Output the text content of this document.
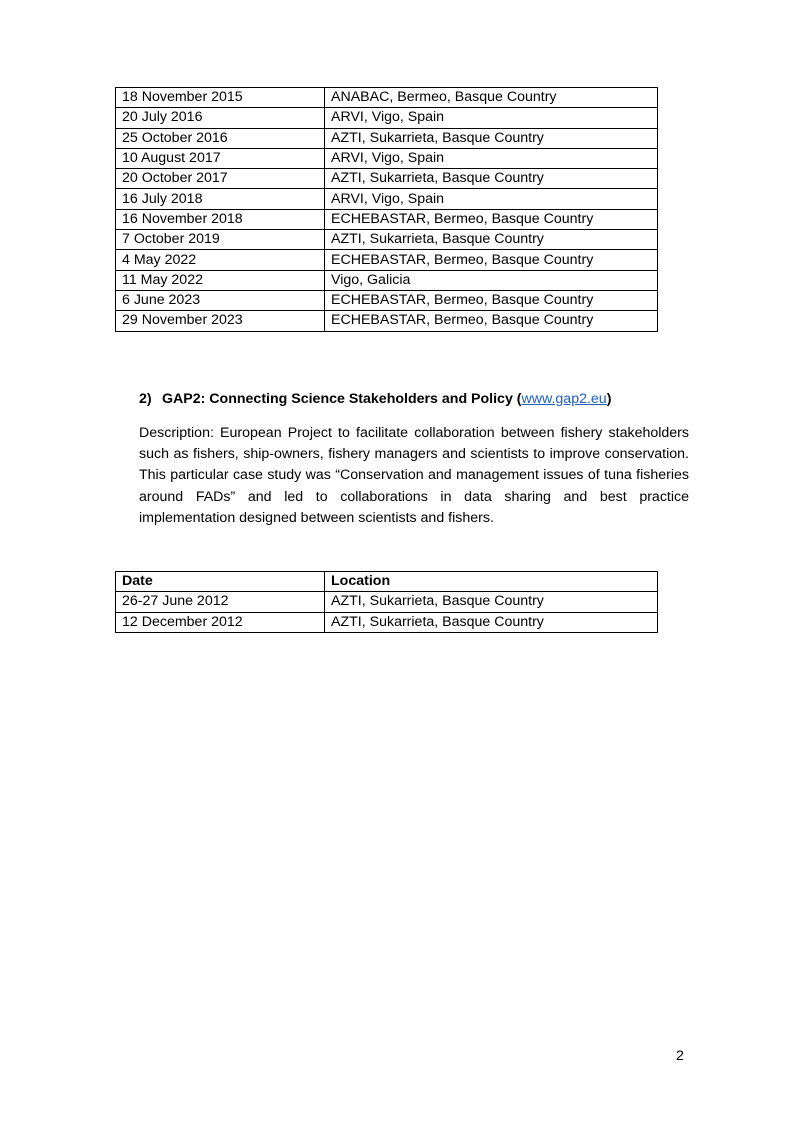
18 November 2015	ANABAC, Bermeo, Basque Country
20 July 2016	ARVI, Vigo, Spain
25 October 2016	AZTI, Sukarrieta, Basque Country
10 August 2017	ARVI, Vigo, Spain
20 October 2017	AZTI, Sukarrieta, Basque Country
16 July 2018	ARVI, Vigo, Spain
16 November 2018	ECHEBASTAR, Bermeo, Basque Country
7 October 2019	AZTI, Sukarrieta, Basque Country
4 May 2022	ECHEBASTAR, Bermeo, Basque Country
11 May 2022	Vigo, Galicia
6 June 2023	ECHEBASTAR, Bermeo, Basque Country
29 November 2023	ECHEBASTAR, Bermeo, Basque Country
2) GAP2: Connecting Science Stakeholders and Policy (www.gap2.eu)

Description: European Project to facilitate collaboration between fishery stakeholders such as fishers, ship-owners, fishery managers and scientists to improve conservation. This particular case study was “Conservation and management issues of tuna fisheries around FADs” and led to collaborations in data sharing and best practice implementation designed between scientists and fishers.

Date	Location
26-27 June 2012	AZTI, Sukarrieta, Basque Country
12 December 2012	AZTI, Sukarrieta, Basque Country
2
